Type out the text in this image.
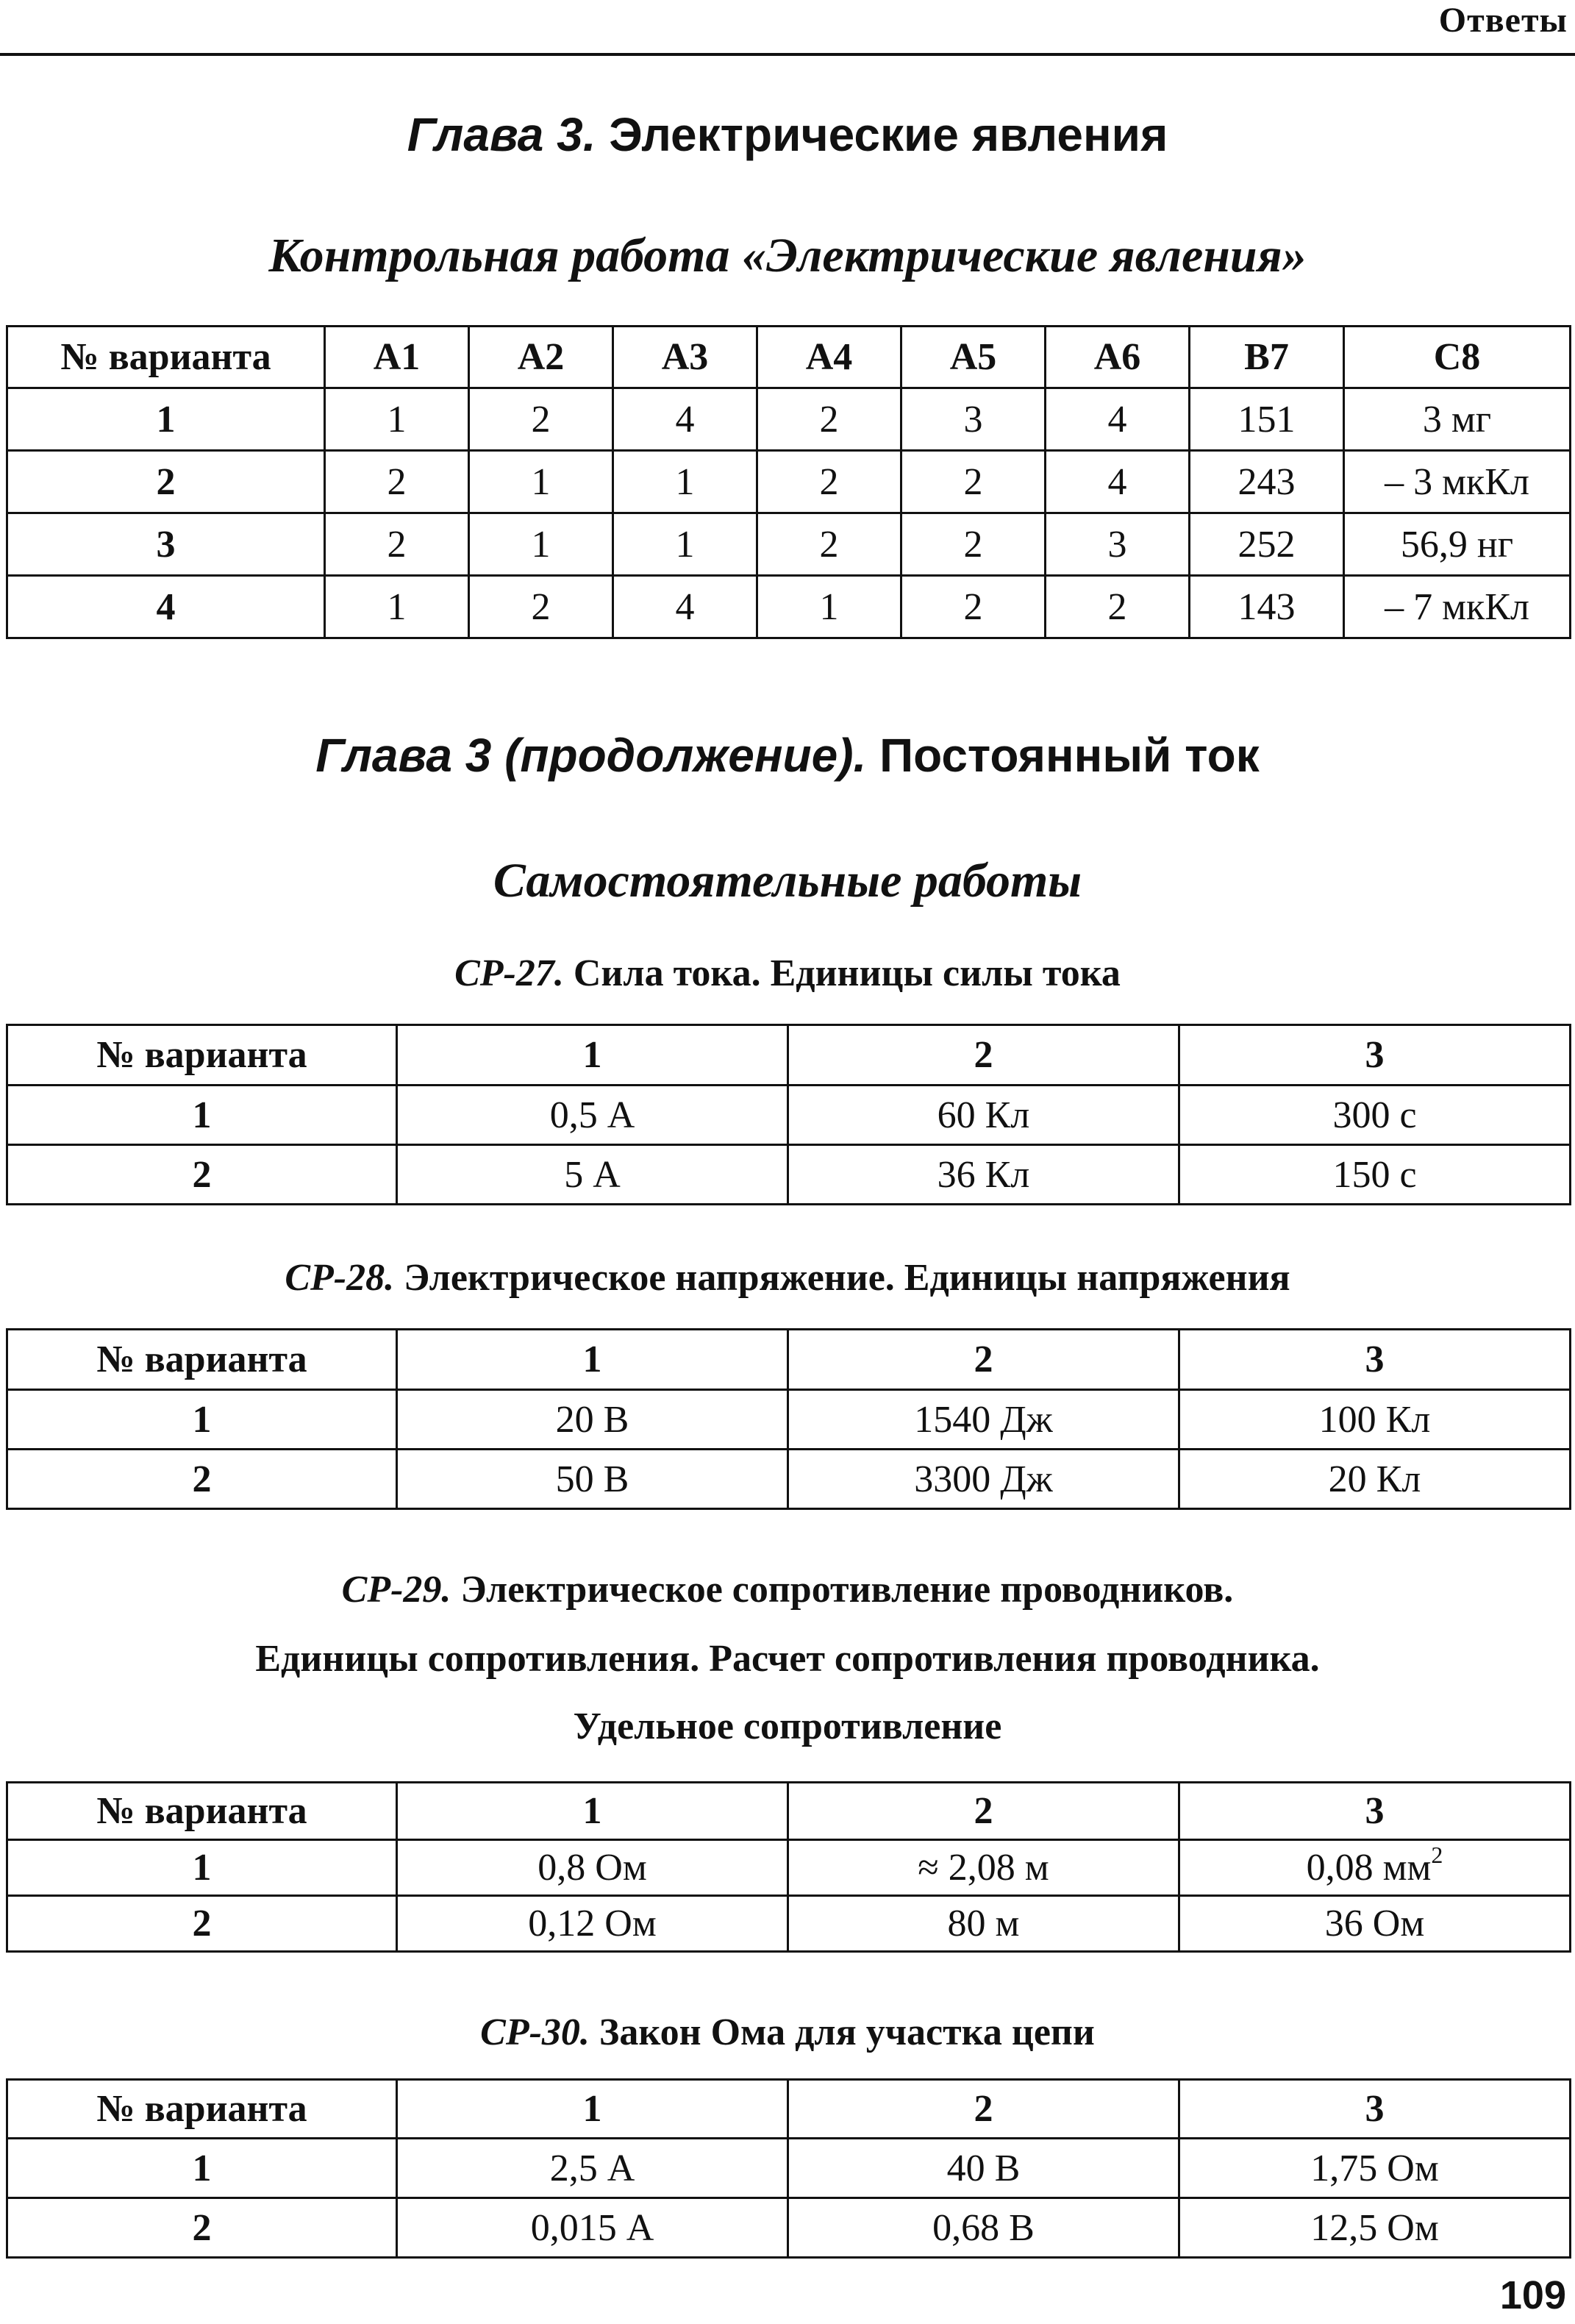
Ответы
Глава 3. Электрические явления
Контрольная работа «Электрические явления»
№ варианта	A1	A2	A3	A4	A5	A6	B7	C8
1	1	2	4	2	3	4	151	3 мг
2	2	1	1	2	2	4	243	– 3 мкКл
3	2	1	1	2	2	3	252	56,9 нг
4	1	2	4	1	2	2	143	– 7 мкКл
Глава 3 (продолжение). Постоянный ток
Самостоятельные работы
СР-27. Сила тока. Единицы силы тока
№ варианта	1	2	3
1	0,5 А	60 Кл	300 с
2	5 А	36 Кл	150 с
СР-28. Электрическое напряжение. Единицы напряжения
№ варианта	1	2	3
1	20 В	1540 Дж	100 Кл
2	50 В	3300 Дж	20 Кл
СР-29. Электрическое сопротивление проводников.
Единицы сопротивления. Расчет сопротивления проводника.
Удельное сопротивление
№ варианта	1	2	3
1	0,8 Ом	≈ 2,08 м	0,08 $мм^2$
2	0,12 Ом	80 м	36 Ом
СР-30. Закон Ома для участка цепи
№ варианта	1	2	3
1	2,5 А	40 В	1,75 Ом
2	0,015 А	0,68 В	12,5 Ом
109
